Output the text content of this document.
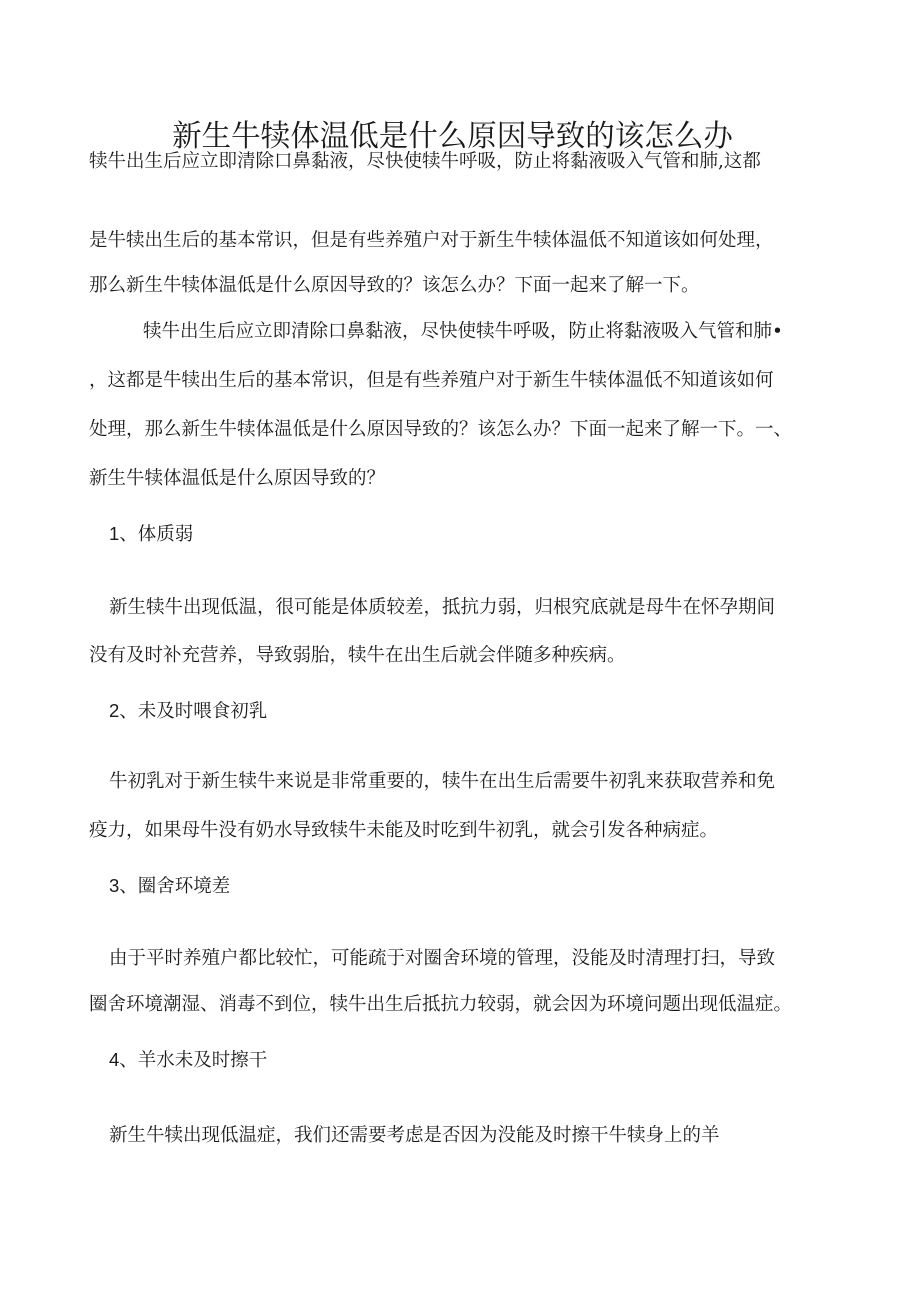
新生牛犊体温低是什么原因导致的该怎么办

犊牛出生后应立即清除口鼻黏液，尽快使犊牛呼吸，防止将黏液吸入气管和肺,这都

是牛犊出生后的基本常识，但是有些养殖户对于新生牛犊体温低不知道该如何处理，

那么新生牛犊体温低是什么原因导致的？该怎么办？下面一起来了解一下。

犊牛出生后应立即清除口鼻黏液，尽快使犊牛呼吸，防止将黏液吸入气管和肺•

，这都是牛犊出生后的基本常识，但是有些养殖户对于新生牛犊体温低不知道该如何

处理，那么新生牛犊体温低是什么原因导致的？该怎么办？下面一起来了解一下。一、

新生牛犊体温低是什么原因导致的？

1、体质弱

新生犊牛出现低温，很可能是体质较差，抵抗力弱，归根究底就是母牛在怀孕期间

没有及时补充营养，导致弱胎，犊牛在出生后就会伴随多种疾病。

2、未及时喂食初乳

牛初乳对于新生犊牛来说是非常重要的，犊牛在出生后需要牛初乳来获取营养和免

疫力，如果母牛没有奶水导致犊牛未能及时吃到牛初乳，就会引发各种病症。

3、圈舍环境差

由于平时养殖户都比较忙，可能疏于对圈舍环境的管理，没能及时清理打扫，导致

圈舍环境潮湿、消毒不到位，犊牛出生后抵抗力较弱，就会因为环境问题出现低温症。

4、羊水未及时擦干

新生牛犊出现低温症，我们还需要考虑是否因为没能及时擦干牛犊身上的羊
